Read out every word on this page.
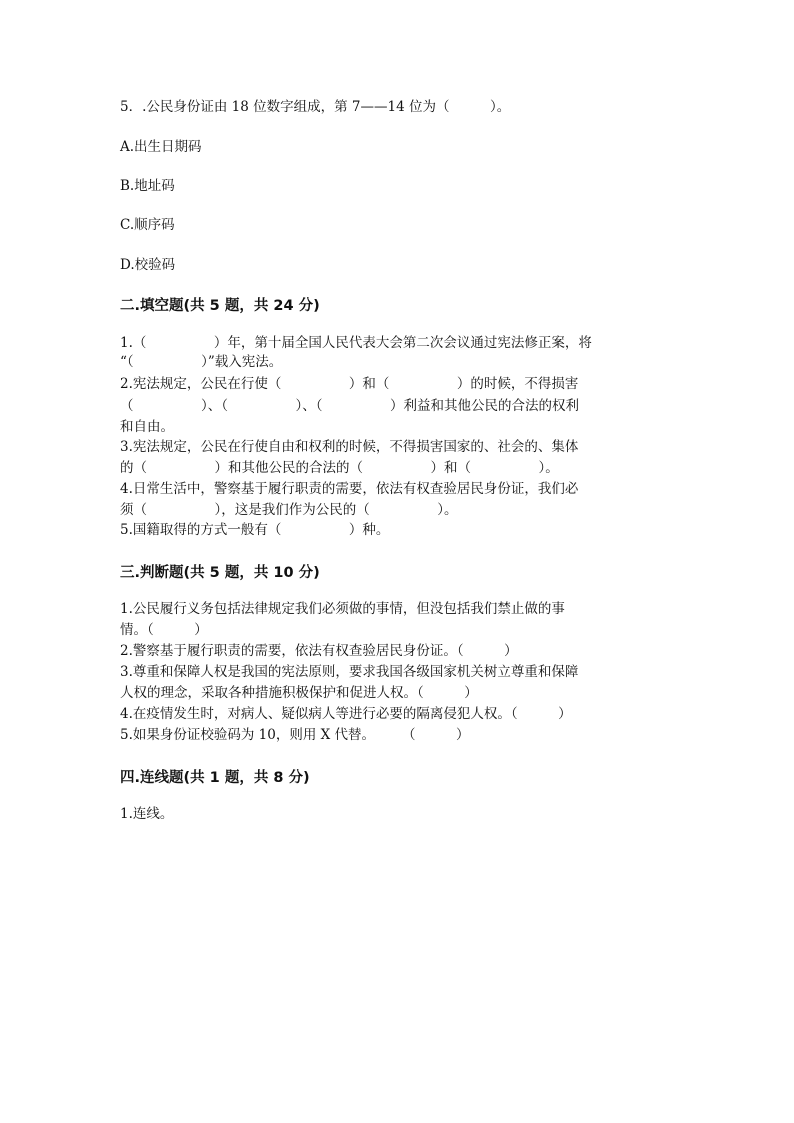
5．.公民身份证由 18 位数字组成，第 7——14 位为（　　　）。
A.出生日期码
B.地址码
C.顺序码
D.校验码
二.填空题(共 5 题，共 24 分)
1.（　　　　　）年，第十届全国人民代表大会第二次会议通过宪法修正案，将
“（　　　　　）”载入宪法。
2.宪法规定，公民在行使（　　　　　）和（　　　　　）的时候，不得损害
（　　　　　）、（　　　　　）、（　　　　　）利益和其他公民的合法的权利
和自由。
3.宪法规定，公民在行使自由和权利的时候，不得损害国家的、社会的、集体
的（　　　　　）和其他公民的合法的（　　　　　）和（　　　　　）。
4.日常生活中，警察基于履行职责的需要，依法有权查验居民身份证，我们必
须（　　　　　），这是我们作为公民的（　　　　　）。
5.国籍取得的方式一般有（　　　　　）种。
三.判断题(共 5 题，共 10 分)
1.公民履行义务包括法律规定我们必须做的事情，但没包括我们禁止做的事
情。（　　　）
2.警察基于履行职责的需要，依法有权查验居民身份证。（　　　）
3.尊重和保障人权是我国的宪法原则，要求我国各级国家机关树立尊重和保障
人权的理念，采取各种措施积极保护和促进人权。（　　　）
4.在疫情发生时，对病人、疑似病人等进行必要的隔离侵犯人权。（　　　）
5.如果身份证校验码为 10，则用 X 代替。　　　（　　　）
四.连线题(共 1 题，共 8 分)
1.连线。
